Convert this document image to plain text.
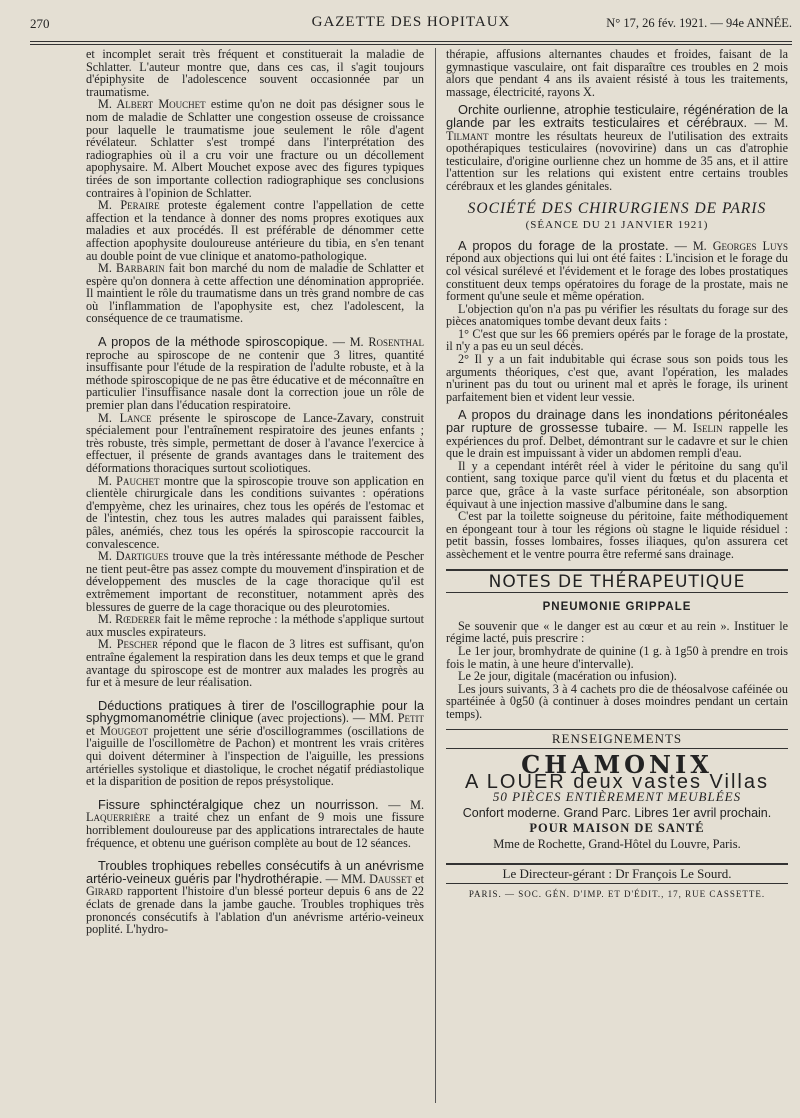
270	GAZETTE DES HOPITAUX	N° 17, 26 fév. 1921. — 94e ANNÉE.

et incomplet serait très fréquent et constituerait la maladie de Schlatter. L'auteur montre que, dans ces cas, il s'agit toujours d'épiphysite de l'adolescence souvent occasionnée par un traumatisme.

M. Albert Mouchet estime qu'on ne doit pas désigner sous le nom de maladie de Schlatter une congestion osseuse de croissance pour laquelle le traumatisme joue seulement le rôle d'agent révélateur. Schlatter s'est trompé dans l'interprétation des radiographies où il a cru voir une fracture ou un décollement apophysaire. M. Albert Mouchet expose avec des figures typiques tirées de son importante collection radiographique ses conclusions contraires à l'opinion de Schlatter.

M. Peraire proteste également contre l'appellation de cette affection et la tendance à donner des noms propres exotiques aux maladies et aux procédés. Il est préférable de dénommer cette affection apophysite douloureuse antérieure du tibia, en s'en tenant au double point de vue clinique et anatomo-pathologique.

M. Barbarin fait bon marché du nom de maladie de Schlatter et espère qu'on donnera à cette affection une dénomination appropriée. Il maintient le rôle du traumatisme dans un très grand nombre de cas où l'inflammation de l'apophysite est, chez l'adolescent, la conséquence de ce traumatisme.

A propos de la méthode spiroscopique. — M. Rosenthal reproche au spiroscope de ne contenir que 3 litres, quantité insuffisante pour l'étude de la respiration de l'adulte robuste, et à la méthode spiroscopique de ne pas être éducative et de méconnaître en particulier l'insuffisance nasale dont la correction joue un rôle de premier plan dans l'éducation respiratoire.

M. Lance présente le spiroscope de Lance-Zavary, construit spécialement pour l'entraînement respiratoire des jeunes enfants ; très robuste, très simple, permettant de doser à l'avance l'exercice à effectuer, il présente de grands avantages dans le traitement des déformations thoraciques surtout scoliotiques.

M. Pauchet montre que la spiroscopie trouve son application en clientèle chirurgicale dans les conditions suivantes : opérations d'empyème, chez les urinaires, chez tous les opérés de l'estomac et de l'intestin, chez tous les autres malades qui paraissent faibles, pâles, anémiés, chez tous les opérés la spiroscopie raccourcit la convalescence.

M. Dartigues trouve que la très intéressante méthode de Pescher ne tient peut-être pas assez compte du mouvement d'inspiration et de développement des muscles de la cage thoracique qu'il est extrêmement important de reconstituer, notamment après des blessures de guerre de la cage thoracique ou des pleurotomies.

M. Rœderer fait le même reproche : la méthode s'applique surtout aux muscles expirateurs.

M. Pescher répond que le flacon de 3 litres est suffisant, qu'on entraîne également la respiration dans les deux temps et que le grand avantage du spiroscope est de montrer aux malades les progrès au fur et à mesure de leur réalisation.

Déductions pratiques à tirer de l'oscillographie pour la sphygmomanométrie clinique (avec projections). — MM. Petit et Mougeot projettent une série d'oscillogrammes (oscillations de l'aiguille de l'oscillomètre de Pachon) et montrent les vrais critères qui doivent déterminer à l'inspection de l'aiguille, les pressions artérielles systolique et diastolique, le crochet négatif prédiastolique et la disparition de position de repos présystolique.

Fissure sphinctéralgique chez un nourrisson. — M. Laquerrière a traité chez un enfant de 9 mois une fissure horriblement douloureuse par des applications intrarectales de haute fréquence, et obtenu une guérison complète au bout de 12 séances.

Troubles trophiques rebelles consécutifs à un anévrisme artério-veineux guéris par l'hydrothérapie. — MM. Dausset et Girard rapportent l'histoire d'un blessé porteur depuis 6 ans de 22 éclats de grenade dans la jambe gauche. Troubles trophiques très prononcés consécutifs à l'ablation d'un anévrisme artério-veineux poplité. L'hydro-

thérapie, affusions alternantes chaudes et froides, faisant de la gymnastique vasculaire, ont fait disparaître ces troubles en 2 mois alors que pendant 4 ans ils avaient résisté à tous les traitements, massage, électricité, rayons X.

Orchite ourlienne, atrophie testiculaire, régénération de la glande par les extraits testiculaires et cérébraux. — M. Tilmant montre les résultats heureux de l'utilisation des extraits opothérapiques testiculaires (novovirine) dans un cas d'atrophie testiculaire, d'origine ourlienne chez un homme de 35 ans, et il attire l'attention sur les relations qui existent entre certains troubles cérébraux et les glandes génitales.

SOCIÉTÉ DES CHIRURGIENS DE PARIS
(SÉANCE DU 21 JANVIER 1921)

A propos du forage de la prostate. — M. Georges Luys répond aux objections qui lui ont été faites : L'incision et le forage du col vésical surélevé et l'évidement et le forage des lobes prostatiques constituent deux temps opératoires du forage de la prostate, mais ne forment qu'une seule et même opération.

L'objection qu'on n'a pas pu vérifier les résultats du forage sur des pièces anatomiques tombe devant deux faits :

1° C'est que sur les 66 premiers opérés par le forage de la prostate, il n'y a pas eu un seul décès.

2° Il y a un fait indubitable qui écrase sous son poids tous les arguments théoriques, c'est que, avant l'opération, les malades n'urinent pas du tout ou urinent mal et après le forage, ils urinent parfaitement bien et vident leur vessie.

A propos du drainage dans les inondations péritonéales par rupture de grossesse tubaire. — M. Iselin rappelle les expériences du prof. Delbet, démontrant sur le cadavre et sur le chien que le drain est impuissant à vider un abdomen rempli d'eau.

Il y a cependant intérêt réel à vider le péritoine du sang qu'il contient, sang toxique parce qu'il vient du fœtus et du placenta et parce que, grâce à la vaste surface péritonéale, son absorption équivaut à une injection massive d'albumine dans le sang.

C'est par la toilette soigneuse du péritoine, faite méthodiquement en épongeant tour à tour les régions où stagne le liquide résiduel : petit bassin, fosses lombaires, fosses iliaques, qu'on assurera cet assèchement et le ventre pourra être refermé sans drainage.

NOTES DE THÉRAPEUTIQUE
PNEUMONIE GRIPPALE

Se souvenir que « le danger est au cœur et au rein ». Instituer le régime lacté, puis prescrire :

Le 1er jour, bromhydrate de quinine (1 g. à 1g50 à prendre en trois fois le matin, à une heure d'intervalle).

Le 2e jour, digitale (macération ou infusion).

Les jours suivants, 3 à 4 cachets pro die de théosalvose caféinée ou spartéinée à 0g50 (à continuer à doses moindres pendant un certain temps).

RENSEIGNEMENTS
CHAMONIX
A LOUER deux vastes Villas
50 PIÈCES ENTIÈREMENT MEUBLÉES
Confort moderne. Grand Parc. Libres 1er avril prochain.
POUR MAISON DE SANTÉ
Mme de Rochette, Grand-Hôtel du Louvre, Paris.
Le Directeur-gérant : Dr François Le Sourd.
PARIS. — SOC. GÉN. D'IMP. ET D'ÉDIT., 17, RUE CASSETTE.
